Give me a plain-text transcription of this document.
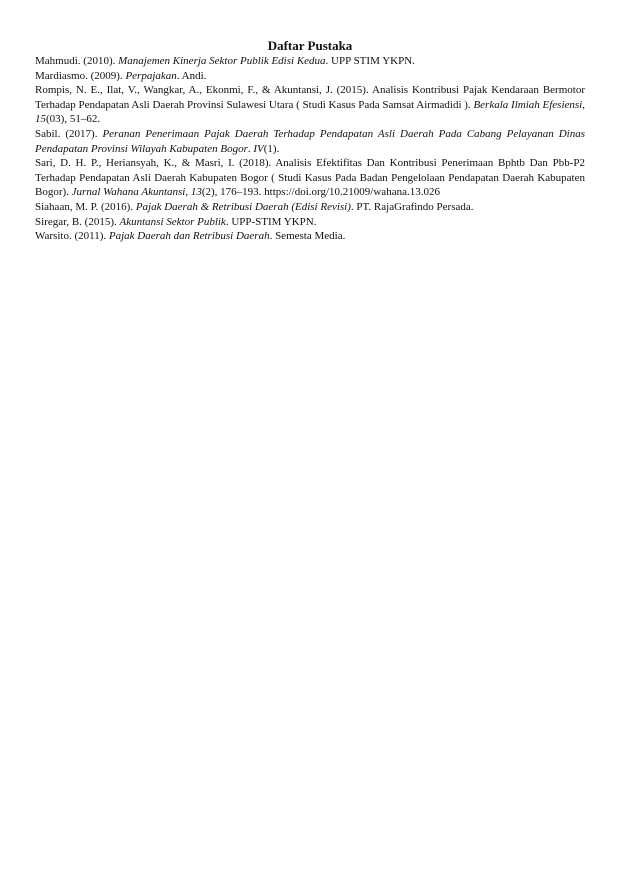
Daftar Pustaka

Mahmudi. (2010). Manajemen Kinerja Sektor Publik Edisi Kedua. UPP STIM YKPN.

Mardiasmo. (2009). Perpajakan. Andi.

Rompis, N. E., Ilat, V., Wangkar, A., Ekonmi, F., & Akuntansi, J. (2015). Analisis Kontribusi Pajak Kendaraan Bermotor Terhadap Pendapatan Asli Daerah Provinsi Sulawesi Utara ( Studi Kasus Pada Samsat Airmadidi ). Berkala Ilmiah Efesiensi, 15(03), 51–62.

Sabil. (2017). Peranan Penerimaan Pajak Daerah Terhadap Pendapatan Asli Daerah Pada Cabang Pelayanan Dinas Pendapatan Provinsi Wilayah Kabupaten Bogor. IV(1).

Sari, D. H. P., Heriansyah, K., & Masri, I. (2018). Analisis Efektifitas Dan Kontribusi Penerimaan Bphtb Dan Pbb-P2 Terhadap Pendapatan Asli Daerah Kabupaten Bogor ( Studi Kasus Pada Badan Pengelolaan Pendapatan Daerah Kabupaten Bogor). Jurnal Wahana Akuntansi, 13(2), 176–193. https://doi.org/10.21009/wahana.13.026

Siahaan, M. P. (2016). Pajak Daerah & Retribusi Daerah (Edisi Revisi). PT. RajaGrafindo Persada.

Siregar, B. (2015). Akuntansi Sektor Publik. UPP-STIM YKPN.

Warsito. (2011). Pajak Daerah dan Retribusi Daerah. Semesta Media.
